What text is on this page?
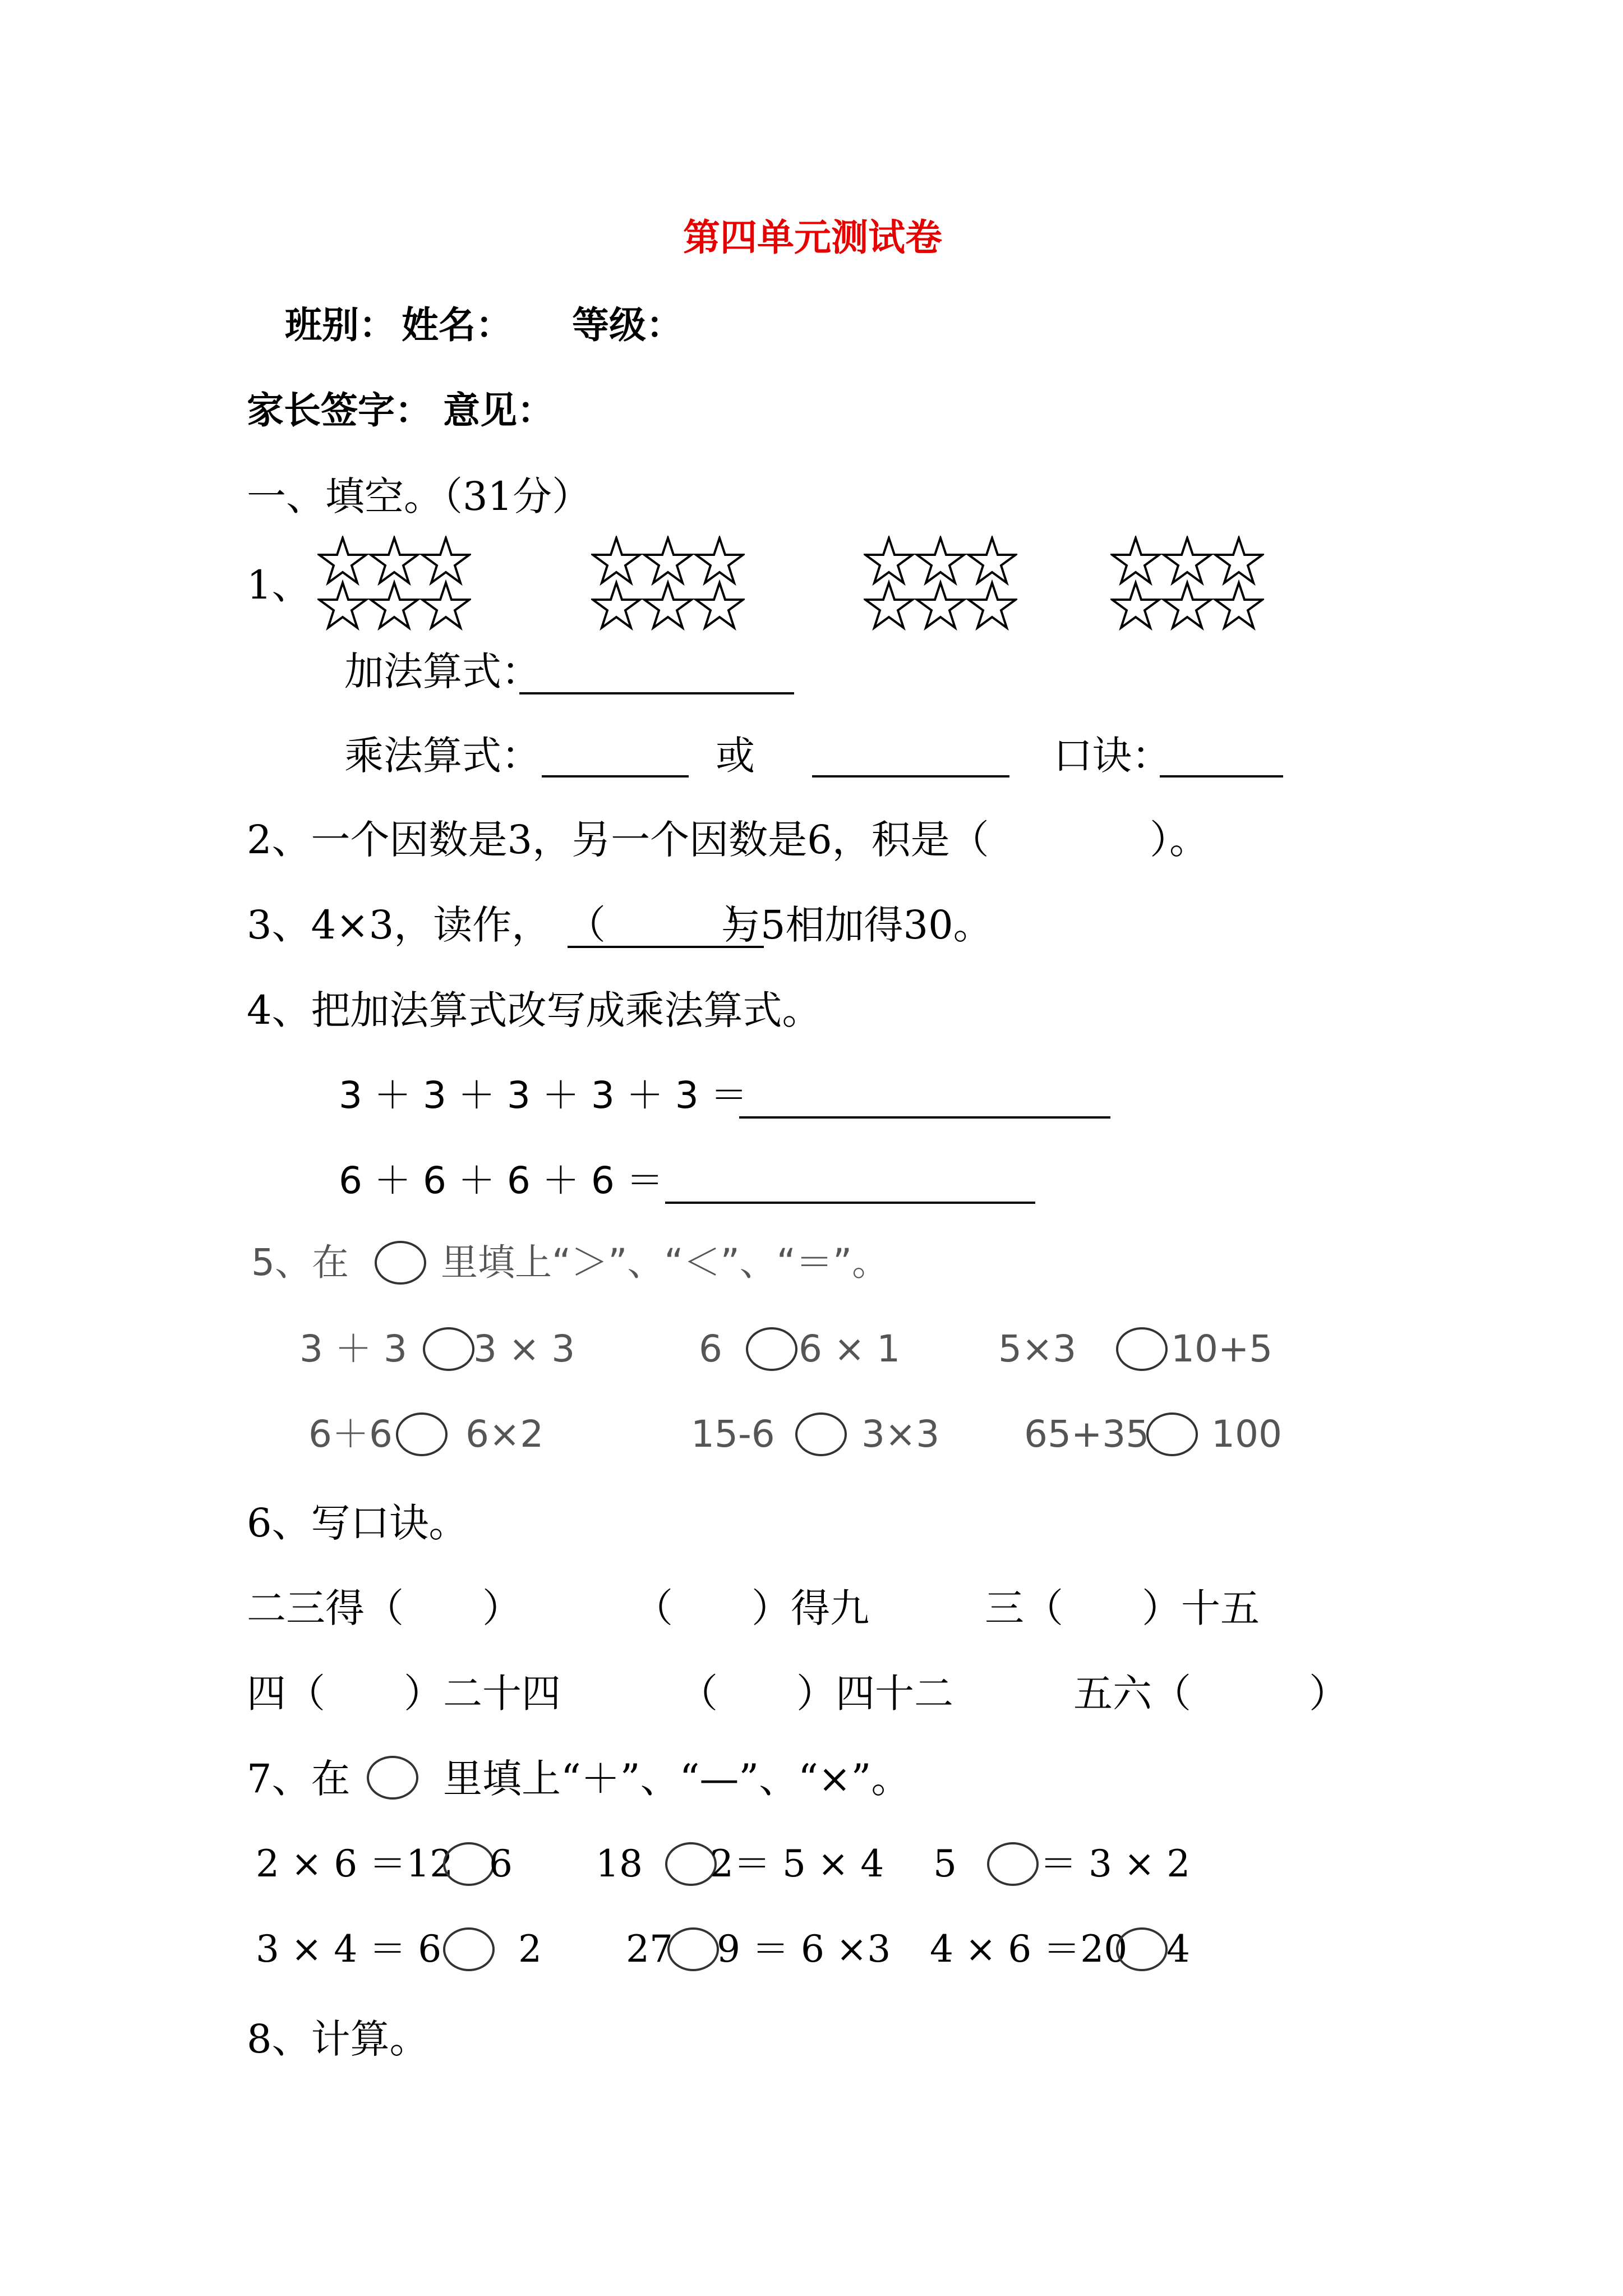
第四单元测试卷
班别： 姓名： 等级：
家长签字： 意见：
一、填空。（31分）
1、
加法算式：
乘法算式：	或	口诀：
2、一个因数是3，另一个因数是6，积是（	）。
3、4×3，读作， （　　　）
与5相加得30。
4、把加法算式改写成乘法算式。
3 ＋ 3 ＋ 3 ＋ 3 ＋ 3 ＝
6 ＋ 6 ＋ 6 ＋ 6 ＝
5、在 里填上“＞”、“＜”、“＝”。
3 ＋ 3 3 × 3	6 6 × 1	5×3	10+5
6＋6 6×2	15-6 3×3 65+35 100
6、写口诀。
二三得（　　）	（　　）得九	三（　　）十五
四（　　）二十四	（　　）四十二	五六（　　　）
7、在 里填上“＋”、“—”、“×”。
2 × 6 ＝12 6 18 2＝ 5 × 4 5 ＝ 3 × 2
3 × 4 ＝ 6 2 27 9 ＝ 6 ×3 4 × 6 ＝20 4
8、计算。
